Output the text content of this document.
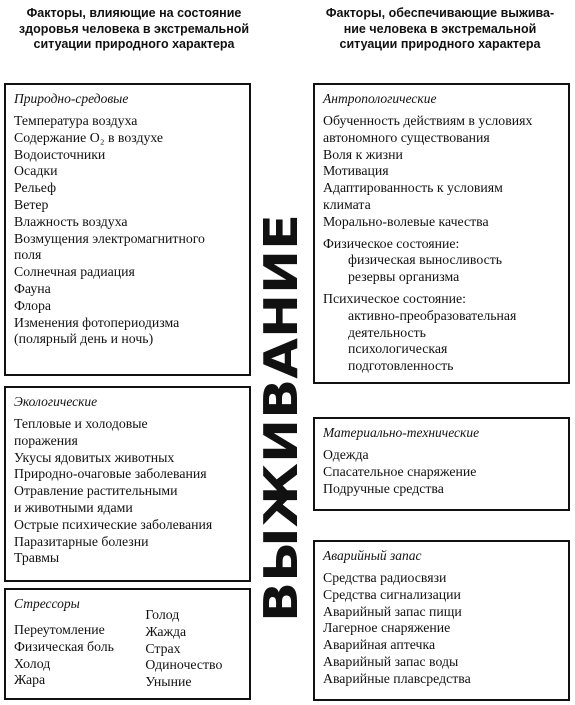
Факторы, влияющие на состояние
здоровья человека в экстремальной
ситуации природного характера
Факторы, обеспечивающие выжива-
ние человека в экстремальной
ситуации природного характера
Природно-средовые
Температура воздуха
Содержание O₂ в воздухе
Водоисточники
Осадки
Рельеф
Ветер
Влажность воздуха
Возмущения электромагнитного
поля
Солнечная радиация
Фауна
Флора
Изменения фотопериодизма
(полярный день и ночь)
Экологические
Тепловые и холодовые
поражения
Укусы ядовитых животных
Природно-очаговые заболевания
Отравление растительными
и животными ядами
Острые психические заболевания
Паразитарные болезни
Травмы
Стрессоры
Переутомление
Физическая боль
Холод
Жара
Голод
Жажда
Страх
Одиночество
Уныние
ВЫЖИВАНИЕ
Антропологические
Обученность действиям в условиях
автономного существования
Воля к жизни
Мотивация
Адаптированность к условиям
климата
Морально-волевые качества
Физическое состояние:
физическая выносливость
резервы организма
Психическое состояние:
активно-преобразовательная
деятельность
психологическая
подготовленность
Материально-технические
Одежда
Спасательное снаряжение
Подручные средства
Аварийный запас
Средства радиосвязи
Средства сигнализации
Аварийный запас пищи
Лагерное снаряжение
Аварийная аптечка
Аварийный запас воды
Аварийные плавсредства
